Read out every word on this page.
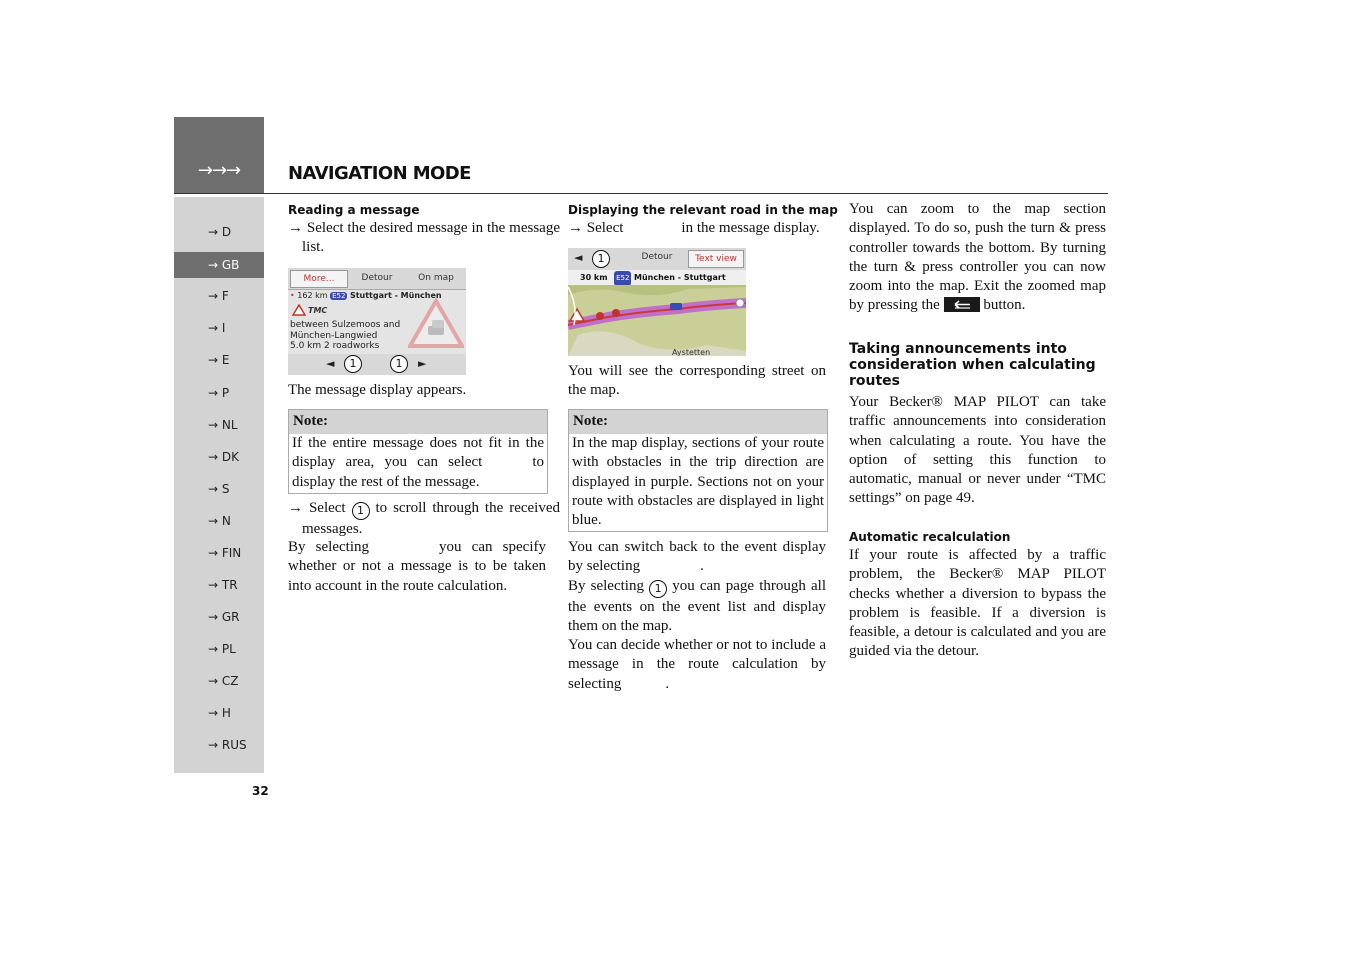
→→→	NAVIGATION MODE
→ D
→ GB
→ F
→ I
→ E
→ P
→ NL
→ DK
→ S
→ N
→ FIN
→ TR
→ GR
→ PL
→ CZ
→ H
→ RUS
32
Reading a message
→ Select the desired message in the message list.
More...	Detour	On map
• 162 km E52 Stuttgart - München
TMC
between Sulzemoos and
München-Langwied
5.0 km 2 roadworks
◄	1	1	►
The message display appears.
Note:
If the entire message does not fit in the display area, you can select	to display the rest of the message.
→ Select 1 to scroll through the received messages.
By selecting	you can specify whether or not a message is to be taken into account in the route calculation.
Displaying the relevant road in the map
→ Select	in the message display.
◄	1	Detour	Text view
30 km E52 München - Stuttgart
Aystetten
You will see the corresponding street on the map.
Note:
In the map display, sections of your route with obstacles in the trip direction are displayed in purple. Sections not on your route with obstacles are displayed in light blue.
You can switch back to the event display by selecting	.
By selecting 1 you can page through all the events on the event list and display them on the map.
You can decide whether or not to include a message in the route calculation by selecting	.
You can zoom to the map section displayed. To do so, push the turn & press controller towards the bottom. By turning the turn & press controller you can now zoom into the map. Exit the zoomed map by pressing the	button.
Taking announcements into consideration when calculating routes
Your Becker® MAP PILOT can take traffic announcements into consideration when calculating a route. You have the option of setting this function to automatic, manual or never under “TMC settings” on page 49.
Automatic recalculation
If your route is affected by a traffic problem, the Becker® MAP PILOT checks whether a diversion to bypass the problem is feasible. If a diversion is feasible, a detour is calculated and you are guided via the detour.
